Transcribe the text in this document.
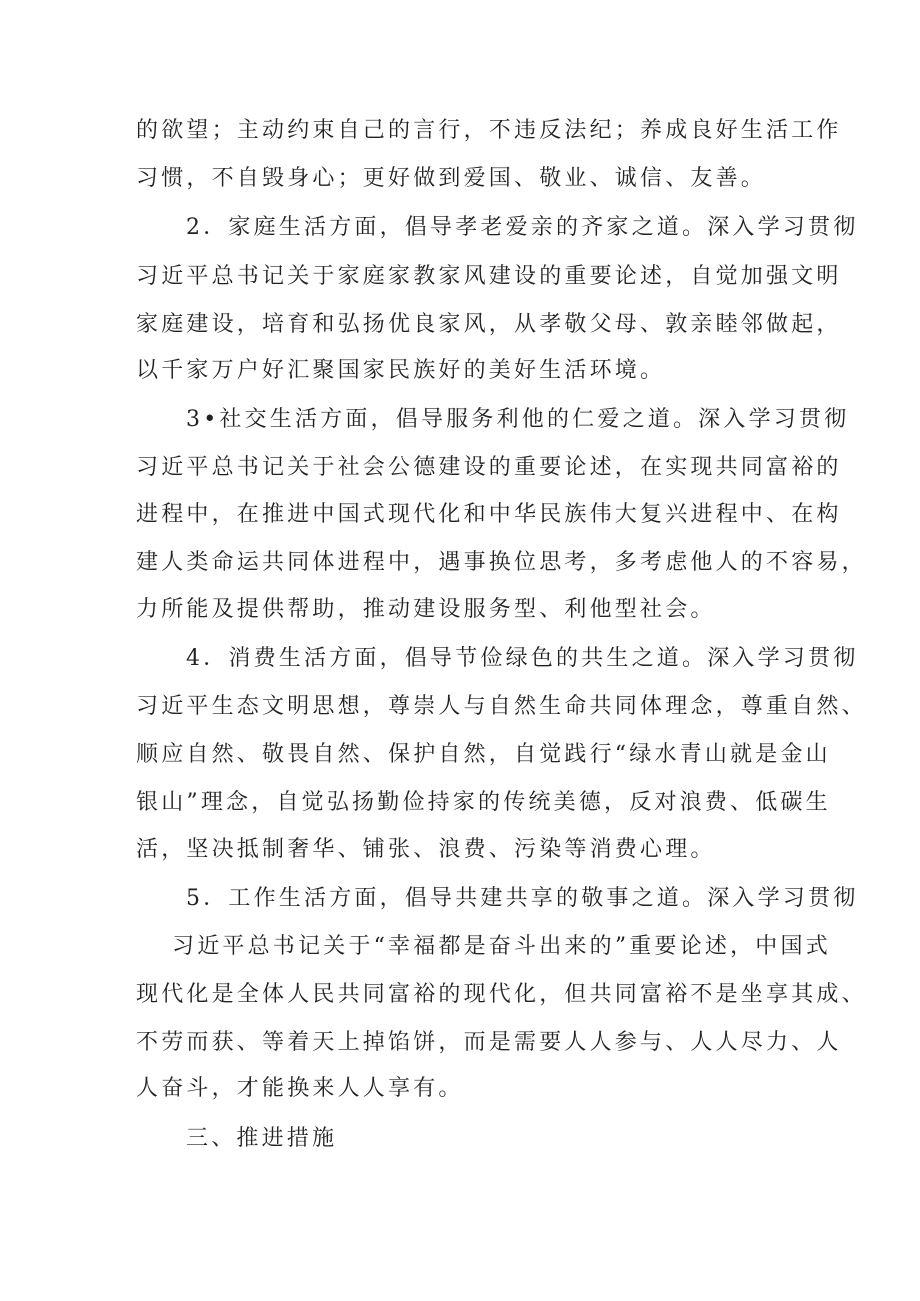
的欲望；主动约束自己的言行，不违反法纪；养成良好生活工作

习惯，不自毁身心；更好做到爱国、敬业、诚信、友善。

2．家庭生活方面，倡导孝老爱亲的齐家之道。深入学习贯彻

习近平总书记关于家庭家教家风建设的重要论述，自觉加强文明

家庭建设，培育和弘扬优良家风，从孝敬父母、敦亲睦邻做起，

以千家万户好汇聚国家民族好的美好生活环境。

3•社交生活方面，倡导服务利他的仁爱之道。深入学习贯彻

习近平总书记关于社会公德建设的重要论述，在实现共同富裕的

进程中，在推进中国式现代化和中华民族伟大复兴进程中、在构

建人类命运共同体进程中，遇事换位思考，多考虑他人的不容易，

力所能及提供帮助，推动建设服务型、利他型社会。

4．消费生活方面，倡导节俭绿色的共生之道。深入学习贯彻

习近平生态文明思想，尊崇人与自然生命共同体理念，尊重自然、

顺应自然、敬畏自然、保护自然，自觉践行“绿水青山就是金山

银山”理念，自觉弘扬勤俭持家的传统美德，反对浪费、低碳生

活，坚决抵制奢华、铺张、浪费、污染等消费心理。

5．工作生活方面，倡导共建共享的敬事之道。深入学习贯彻

习近平总书记关于“幸福都是奋斗出来的”重要论述，中国式

现代化是全体人民共同富裕的现代化，但共同富裕不是坐享其成、

不劳而获、等着天上掉馅饼，而是需要人人参与、人人尽力、人

人奋斗，才能换来人人享有。

三、推进措施
